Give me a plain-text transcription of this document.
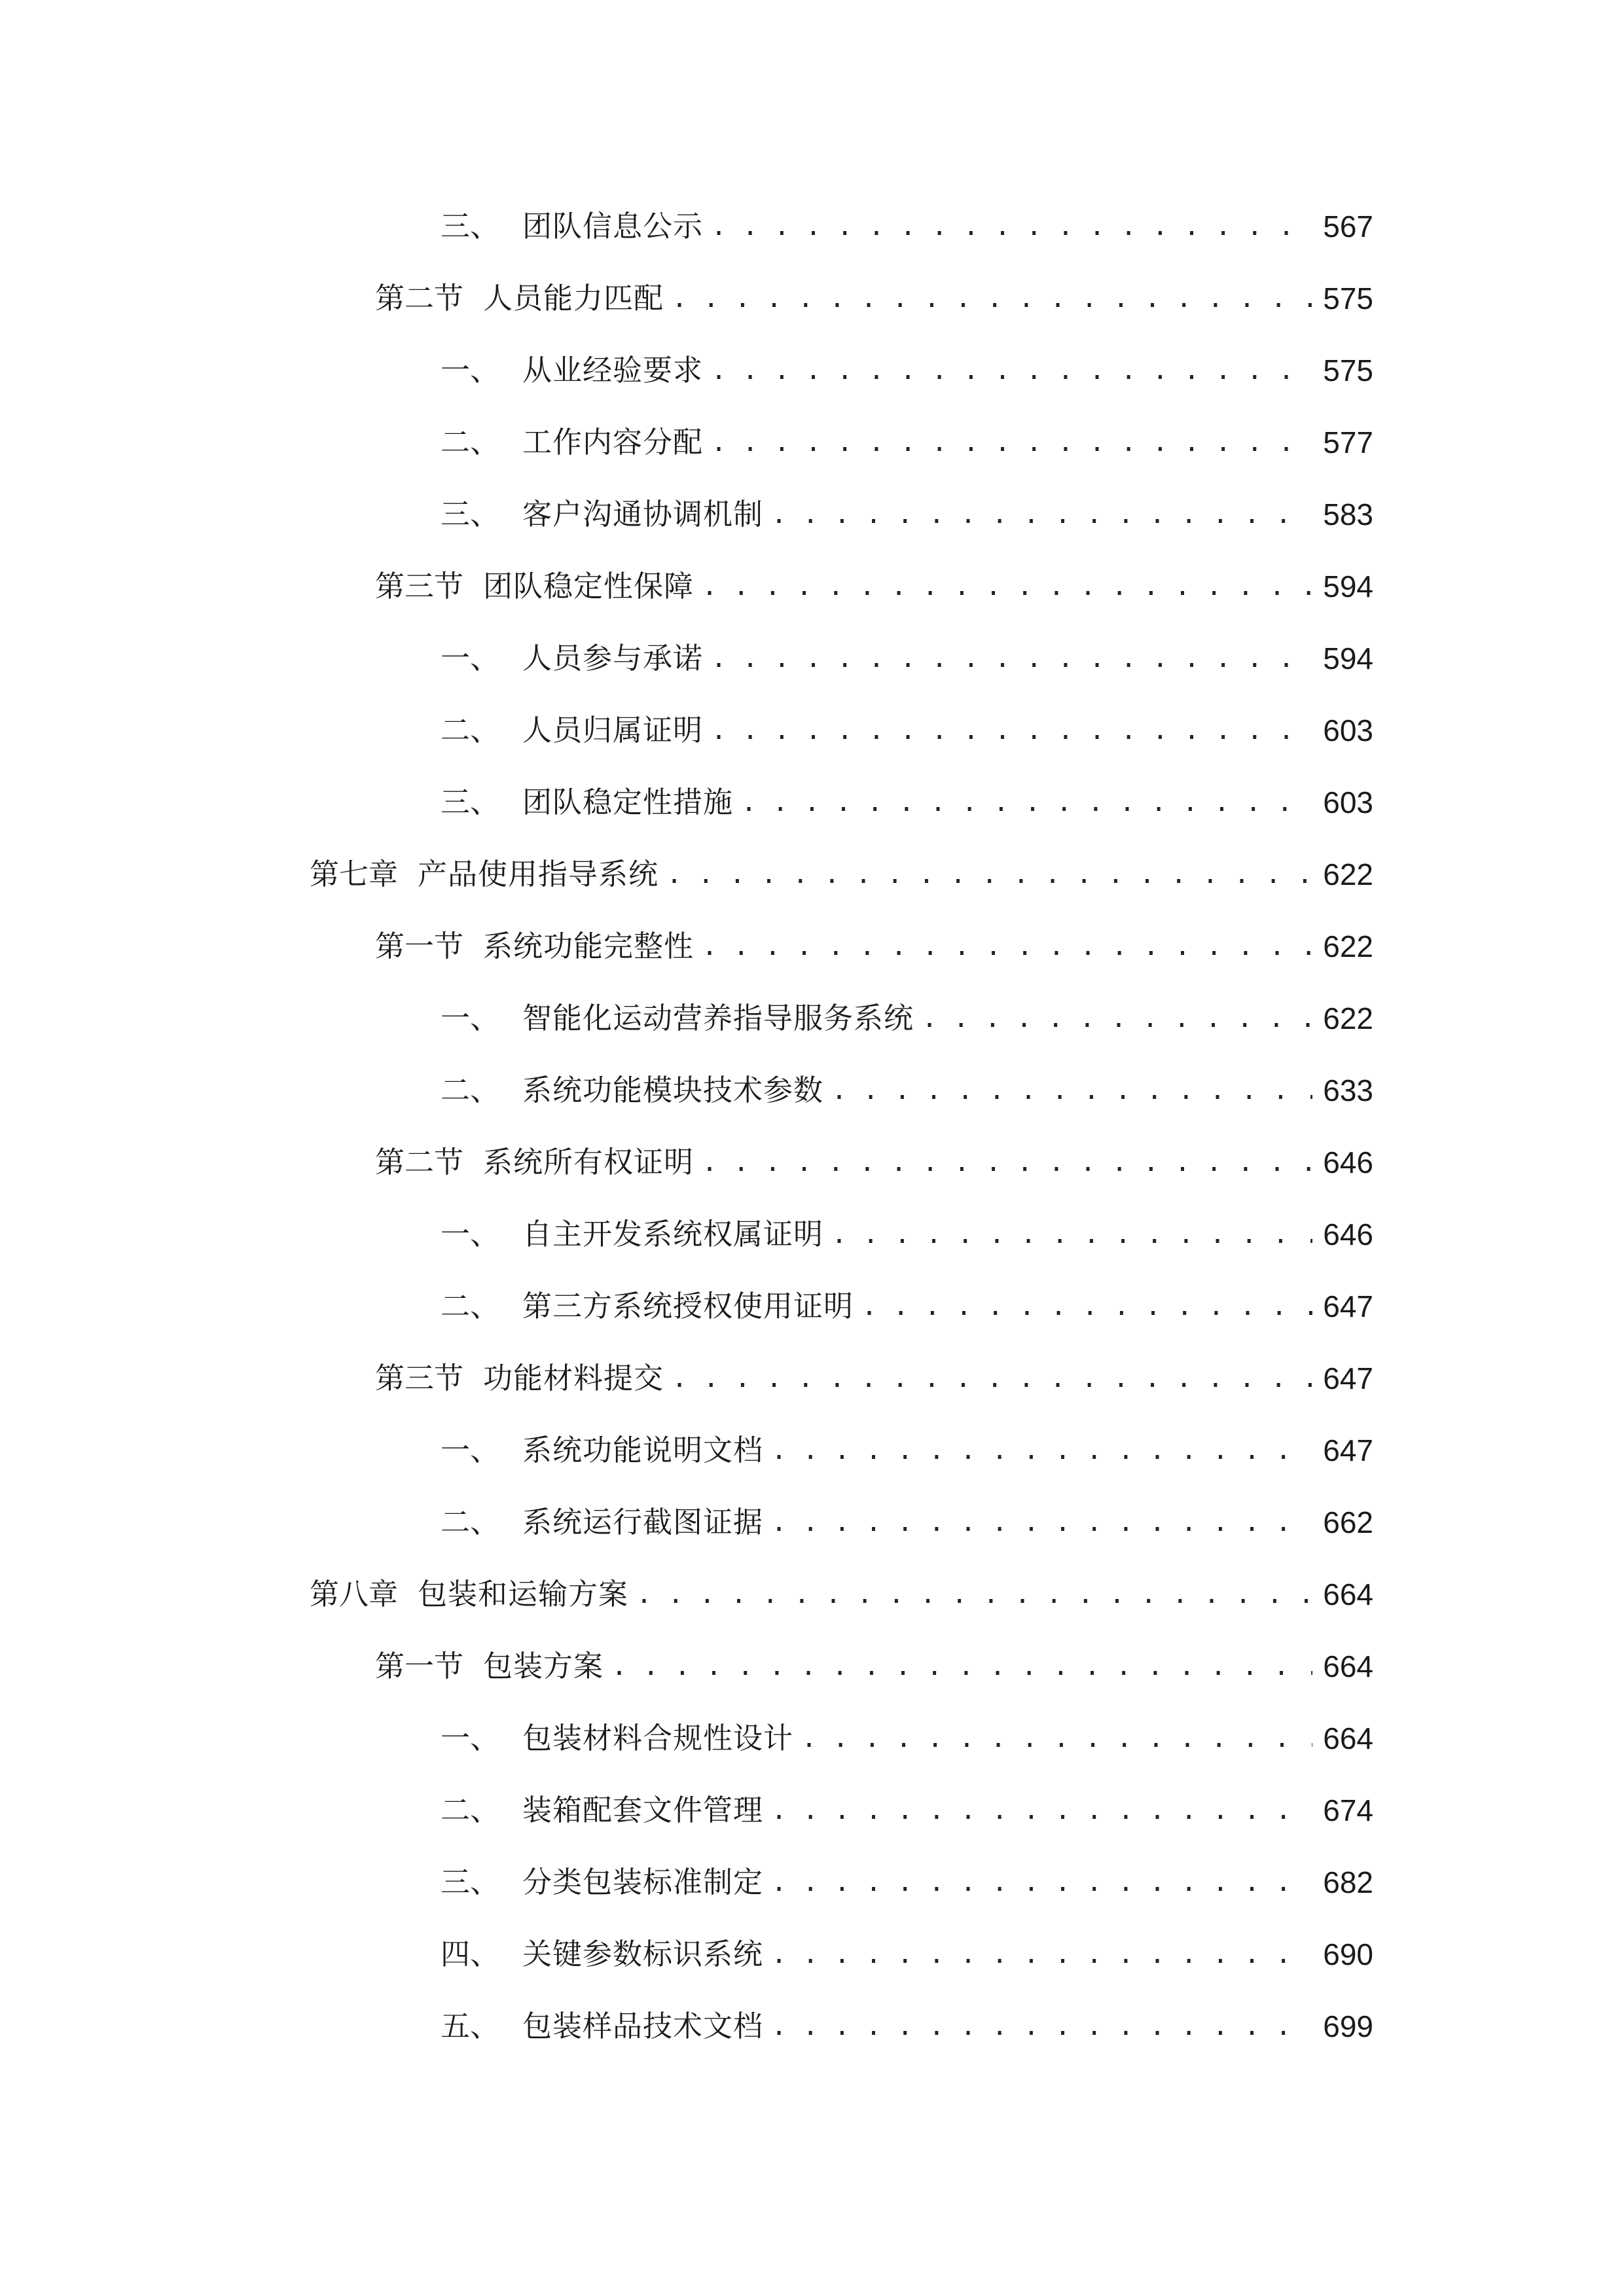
三、 团队信息公示 . . .	567
第二节 人员能力匹配 . . .	575
一、 从业经验要求 . . .	575
二、 工作内容分配 . . .	577
三、 客户沟通协调机制 . . .	583
第三节 团队稳定性保障 . . .	594
一、 人员参与承诺 . . .	594
二、 人员归属证明 . . .	603
三、 团队稳定性措施 . . .	603
第七章 产品使用指导系统 . . .	622
第一节 系统功能完整性 . . .	622
一、 智能化运动营养指导服务系统 . . .	622
二、 系统功能模块技术参数 . . .	633
第二节 系统所有权证明 . . .	646
一、 自主开发系统权属证明 . . .	646
二、 第三方系统授权使用证明 . . .	647
第三节 功能材料提交 . . .	647
一、 系统功能说明文档 . . .	647
二、 系统运行截图证据 . . .	662
第八章 包装和运输方案 . . .	664
第一节 包装方案 . . .	664
一、 包装材料合规性设计 . . .	664
二、 装箱配套文件管理 . . .	674
三、 分类包装标准制定 . . .	682
四、 关键参数标识系统 . . .	690
五、 包装样品技术文档 . . .	699
